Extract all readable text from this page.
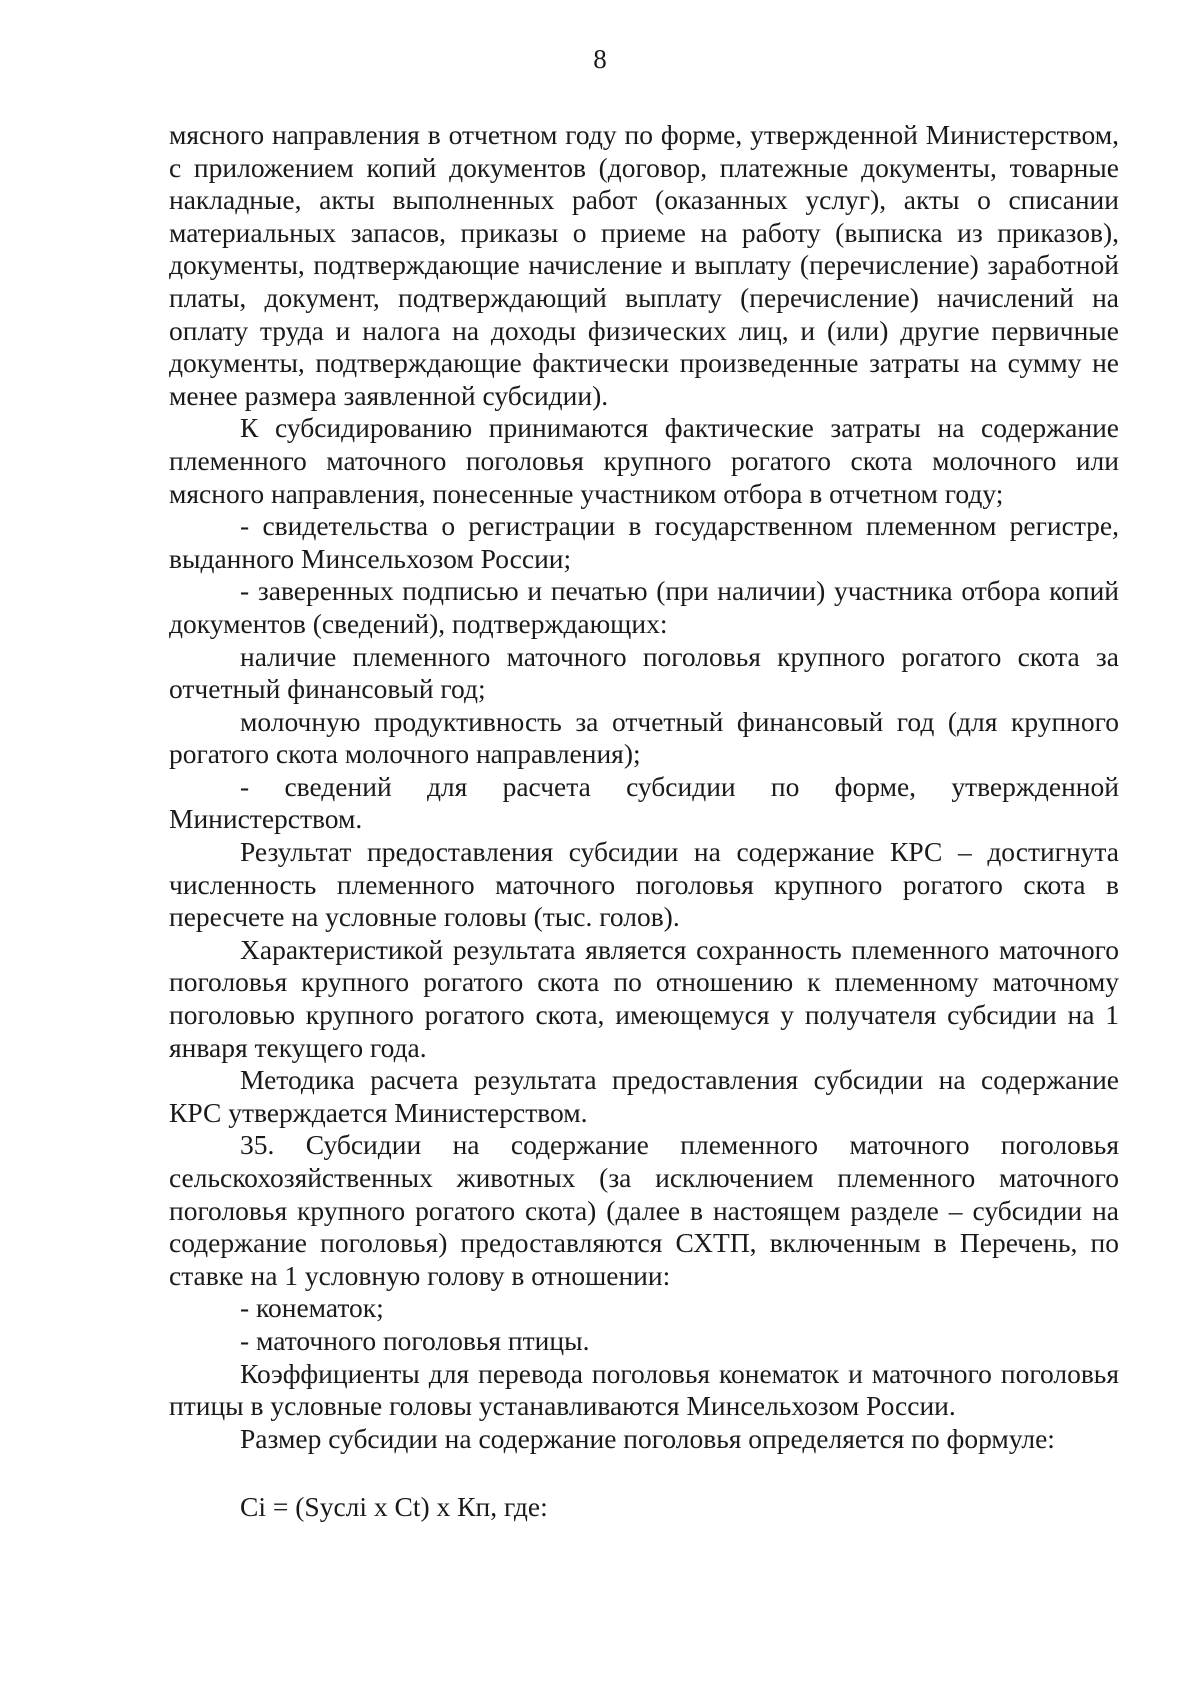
8

мясного направления в отчетном году по форме, утвержденной Министерством, с приложением копий документов (договор, платежные документы, товарные накладные, акты выполненных работ (оказанных услуг), акты о списании материальных запасов, приказы о приеме на работу (выписка из приказов), документы, подтверждающие начисление и выплату (перечисление) заработной платы, документ, подтверждающий выплату (перечисление) начислений на оплату труда и налога на доходы физических лиц, и (или) другие первичные документы, подтверждающие фактически произведенные затраты на сумму не менее размера заявленной субсидии).

К субсидированию принимаются фактические затраты на содержание племенного маточного поголовья крупного рогатого скота молочного или мясного направления, понесенные участником отбора в отчетном году;

- свидетельства о регистрации в государственном племенном регистре, выданного Минсельхозом России;

- заверенных подписью и печатью (при наличии) участника отбора копий документов (сведений), подтверждающих:

наличие племенного маточного поголовья крупного рогатого скота за отчетный финансовый год;

молочную продуктивность за отчетный финансовый год (для крупного рогатого скота молочного направления);

- сведений для расчета субсидии по форме, утвержденной Министерством.

Результат предоставления субсидии на содержание КРС – достигнута численность племенного маточного поголовья крупного рогатого скота в пересчете на условные головы (тыс. голов).

Характеристикой результата является сохранность племенного маточного поголовья крупного рогатого скота по отношению к племенному маточному поголовью крупного рогатого скота, имеющемуся у получателя субсидии на 1 января текущего года.

Методика расчета результата предоставления субсидии на содержание КРС утверждается Министерством.

35. Субсидии на содержание племенного маточного поголовья сельскохозяйственных животных (за исключением племенного маточного поголовья крупного рогатого скота) (далее в настоящем разделе – субсидии на содержание поголовья) предоставляются СХТП, включенным в Перечень, по ставке на 1 условную голову в отношении:

- конематок;

- маточного поголовья птицы.

Коэффициенты для перевода поголовья конематок и маточного поголовья птицы в условные головы устанавливаются Минсельхозом России.

Размер субсидии на содержание поголовья определяется по формуле:

Ci = (Sуслi x Ct) x Кп, где:
